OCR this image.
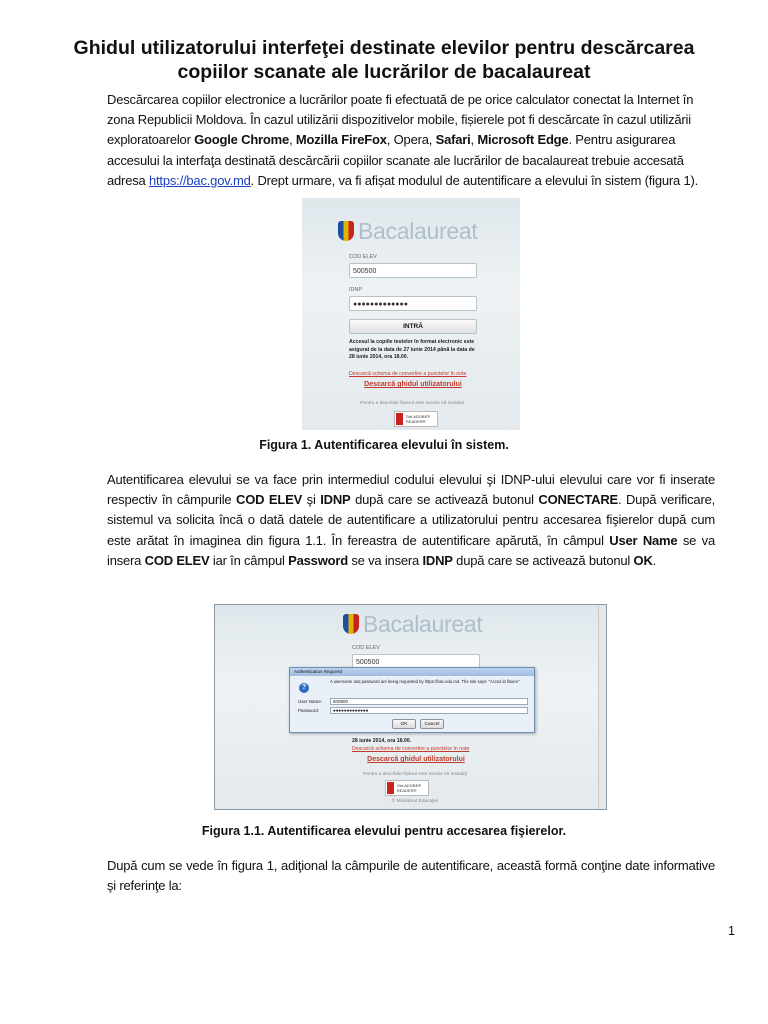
Ghidul utilizatorului interfeţei destinate elevilor pentru descărcarea copiilor scanate ale lucrărilor de bacalaureat
Descărcarea copiilor electronice a lucrărilor poate fi efectuată de pe orice calculator conectat la Internet în zona Republicii Moldova. În cazul utilizării dispozitivelor mobile, fișierele pot fi descărcate în cazul utilizării exploratoarelor Google Chrome, Mozilla FireFox, Opera, Safari, Microsoft Edge. Pentru asigurarea accesului la interfaţa destinată descărcării copiilor scanate ale lucrărilor de bacalaureat trebuie accesată adresa https://bac.gov.md. Drept urmare, va fi afișat modulul de autentificare a elevului în sistem (figura 1).
Bacalaureat
COD ELEV
500500
IDNP
●●●●●●●●●●●●●
INTRĂ
Accesul la copiile testelor în format electronic este asigurat de la data de 27 iunie 2014 până la data de 28 iunie 2014, ora 18.00.
Descarcă schema de convertire a punctelor în note
Descarcă ghidul utilizatorului
Pentru a deschide fișierul este nevoie să instalați
Get ADOBE® READER®
Figura 1. Autentificarea elevului în sistem.
Autentificarea elevului se va face prin intermediul codului elevului şi IDNP-ului elevului care vor fi inserate respectiv în câmpurile COD ELEV şi IDNP după care se activează butonul CONECTARE. După verificare, sistemul va solicita încă o dată datele de autentificare a utilizatorului pentru accesarea fişierelor după cum este arătat în imaginea din figura 1.1. În fereastra de autentificare apărută, în câmpul User Name se va insera COD ELEV iar în câmpul Password se va insera IDNP după care se activează butonul OK.
Bacalaureat
COD ELEV
500500
Authentication Required
?
A username and password are being requested by https://bac.edu.md. The site says: "Acces la fisiere"
User Name:	500500
Password:	●●●●●●●●●●●●●
OK	Cancel
28 iunie 2014, ora 18.00.
Descarcă schema de convertire a punctelor în note
Descarcă ghidul utilizatorului
Pentru a deschide fișierul este nevoie să instalați
Get ADOBE® READER®
© Ministerul Educaţiei
Figura 1.1. Autentificarea elevului pentru accesarea fişierelor.
După cum se vede în figura 1, adiţional la câmpurile de autentificare, această formă conţine date informative şi referinţe la:
1
